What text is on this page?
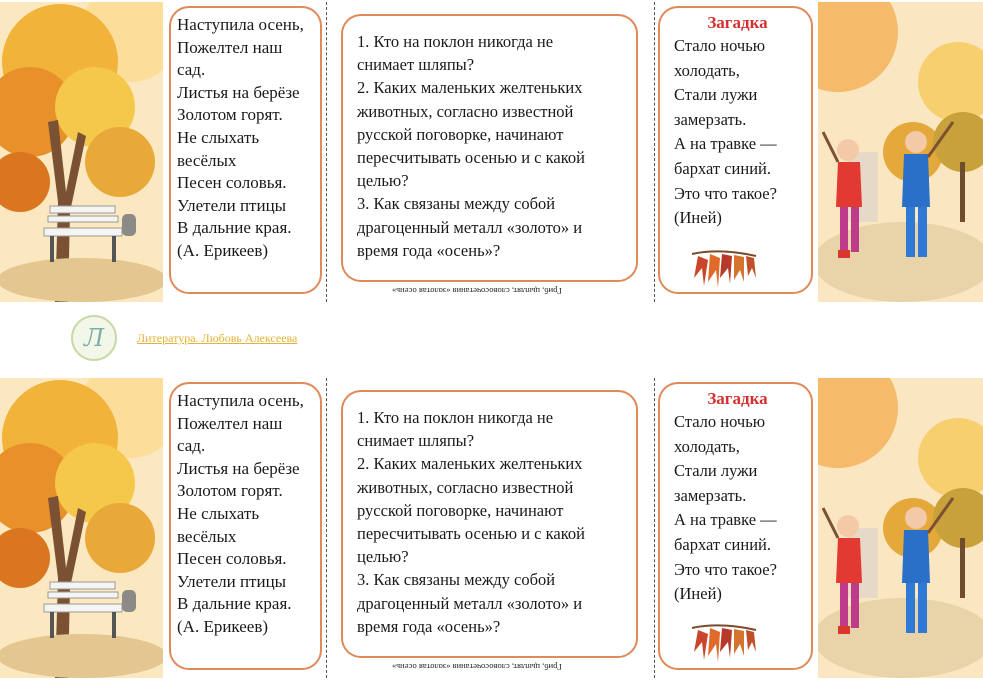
Наступила осень,
Пожелтел наш
сад.
Листья на берёзе
Золотом горят.
Не слыхать
весёлых
Песен соловья.
Улетели птицы
В дальние края.
(А. Ерикеев)
1. Кто на поклон никогда не
снимает шляпы?
2. Каких маленьких желтеньких
животных, согласно известной
русской поговорке, начинают
пересчитывать осенью и с какой
целью?
3. Как связаны между собой
драгоценный металл «золото» и
время года «осень»?
Гриб, цыплят, словосочетания «золотая осень»
Загадка
Стало ночью
холодать,
Стали лужи
замерзать.
А на травке —
бархат синий.
Это что такое?
(Иней)
Л	Литература. Любовь Алексеева
Наступила осень,
Пожелтел наш
сад.
Листья на берёзе
Золотом горят.
Не слыхать
весёлых
Песен соловья.
Улетели птицы
В дальние края.
(А. Ерикеев)
1. Кто на поклон никогда не
снимает шляпы?
2. Каких маленьких желтеньких
животных, согласно известной
русской поговорке, начинают
пересчитывать осенью и с какой
целью?
3. Как связаны между собой
драгоценный металл «золото» и
время года «осень»?
Гриб, цыплят, словосочетания «золотая осень»
Загадка
Стало ночью
холодать,
Стали лужи
замерзать.
А на травке —
бархат синий.
Это что такое?
(Иней)
